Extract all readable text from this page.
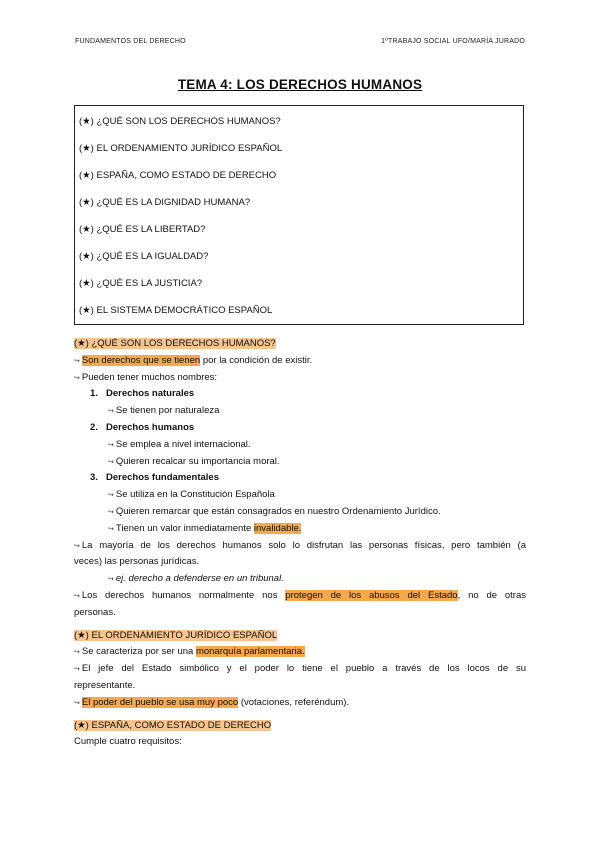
FUNDAMENTOS DEL DERECHO	1ºTRABAJO SOCIAL UFO/MARÍA JURADO
TEMA 4: LOS DERECHOS HUMANOS
(★) ¿QUÉ SON LOS DERECHOS HUMANOS?
(★) EL ORDENAMIENTO JURÍDICO ESPAÑOL
(★) ESPAÑA, COMO ESTADO DE DERECHO
(★) ¿QUÉ ES LA DIGNIDAD HUMANA?
(★) ¿QUÉ ES LA LIBERTAD?
(★) ¿QUÉ ES LA IGUALDAD?
(★) ¿QUÉ ES LA JUSTICIA?
(★) EL SISTEMA DEMOCRÁTICO ESPAÑOL
(★) ¿QUÉ SON LOS DERECHOS HUMANOS?
↪ Son derechos que se tienen por la condición de existir.
↪ Pueden tener muchos nombres:
1. Derechos naturales
↪ Se tienen por naturaleza
2. Derechos humanos
↪ Se emplea a nivel internacional.
↪ Quieren recalcar su importancia moral.
3. Derechos fundamentales
↪ Se utiliza en la Constitución Española
↪ Quieren remarcar que están consagrados en nuestro Ordenamiento Jurídico.
↪ Tienen un valor inmediatamente invalidable.
↪ La mayoría de los derechos humanos solo lo disfrutan las personas físicas, pero también (a
veces) las personas jurídicas.
↪ ej. derecho a defenderse en un tribunal.
↪ Los derechos humanos normalmente nos protegen de los abusos del Estado, no de otras
personas.
(★) EL ORDENAMIENTO JURÍDICO ESPAÑOL
↪ Se caracteriza por ser una monarquía parlamentaria.
↪ El jefe del Estado simbólico y el poder lo tiene el pueblo a través de los locos de su
representante.
↪ El poder del pueblo se usa muy poco (votaciones, referéndum).
(★) ESPAÑA, COMO ESTADO DE DERECHO
Cumple cuatro requisitos:
